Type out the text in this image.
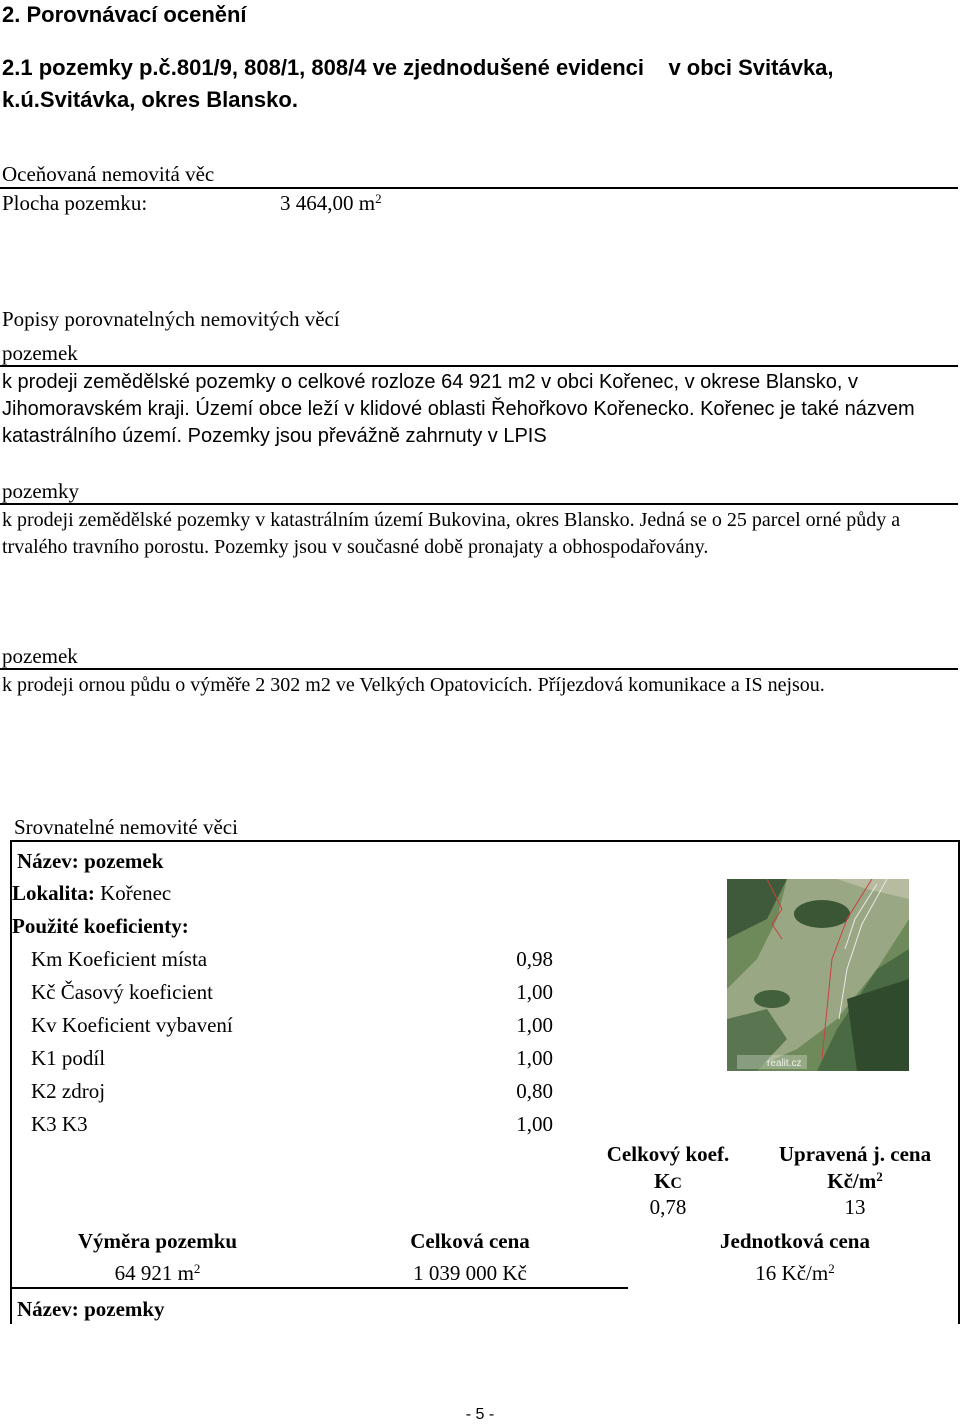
2. Porovnávací ocenění
2.1 pozemky p.č.801/9, 808/1, 808/4 ve zjednodušené evidenci    v obci Svitávka,
k.ú.Svitávka, okres Blansko.
Oceňovaná nemovitá věc
Plocha pozemku:	3 464,00 $m^2$
Popisy porovnatelných nemovitých věcí
pozemek
k prodeji zemědělské pozemky o celkové rozloze 64 921 m2 v obci Kořenec, v okrese Blansko, v Jihomoravském kraji. Území obce leží v klidové oblasti Řehořkovo Kořenecko. Kořenec je také názvem katastrálního území. Pozemky jsou převážně zahrnuty v LPIS
pozemky
k prodeji zemědělské pozemky v katastrálním území Bukovina, okres Blansko. Jedná se o 25 parcel orné půdy a trvalého travního porostu. Pozemky jsou v současné době pronajaty a obhospodařovány.
pozemek
k prodeji ornou půdu o výměře 2 302 m2 ve Velkých Opatovicích. Příjezdová komunikace a IS nejsou.
Srovnatelné nemovité věci
Název: pozemek
Lokalita: Kořenec
Použité koeficienty:
Km Koeficient místa	0,98
Kč Časový koeficient	1,00
Kv Koeficient vybavení	1,00
K1 podíl	1,00
K2 zdroj	0,80
K3 K3	1,00
realit.cz
Celkový koef.
KC
0,78
Upravená j. cena
$Kč/m^2$
13
Výměra pozemku	Celková cena	Jednotková cena
64 921 $m^2$	1 039 000 Kč	16 $Kč/m^2$
Název: pozemky
- 5 -
